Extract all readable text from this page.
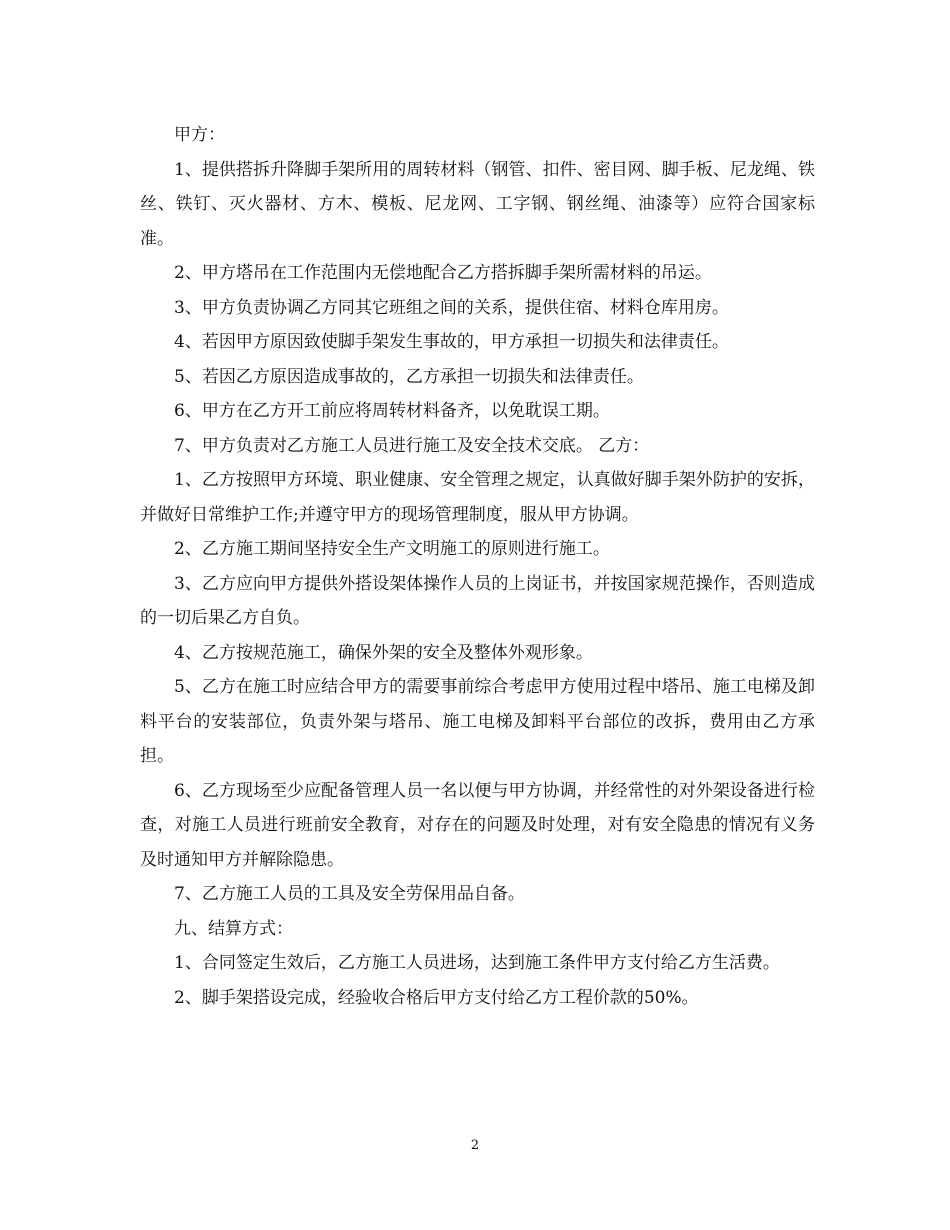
甲方：

1、提供搭拆升降脚手架所用的周转材料（钢管、扣件、密目网、脚手板、尼龙绳、铁丝、铁钉、灭火器材、方木、模板、尼龙网、工字钢、钢丝绳、油漆等）应符合国家标准。

2、甲方塔吊在工作范围内无偿地配合乙方搭拆脚手架所需材料的吊运。

3、甲方负责协调乙方同其它班组之间的关系，提供住宿、材料仓库用房。

4、若因甲方原因致使脚手架发生事故的，甲方承担一切损失和法律责任。

5、若因乙方原因造成事故的，乙方承担一切损失和法律责任。

6、甲方在乙方开工前应将周转材料备齐，以免耽误工期。

7、甲方负责对乙方施工人员进行施工及安全技术交底。 乙方：

1、乙方按照甲方环境、职业健康、安全管理之规定，认真做好脚手架外防护的安拆，并做好日常维护工作;并遵守甲方的现场管理制度，服从甲方协调。

2、乙方施工期间坚持安全生产文明施工的原则进行施工。

3、乙方应向甲方提供外搭设架体操作人员的上岗证书，并按国家规范操作，否则造成的一切后果乙方自负。

4、乙方按规范施工，确保外架的安全及整体外观形象。

5、乙方在施工时应结合甲方的需要事前综合考虑甲方使用过程中塔吊、施工电梯及卸料平台的安装部位，负责外架与塔吊、施工电梯及卸料平台部位的改拆，费用由乙方承担。

6、乙方现场至少应配备管理人员一名以便与甲方协调，并经常性的对外架设备进行检查，对施工人员进行班前安全教育，对存在的问题及时处理，对有安全隐患的情况有义务及时通知甲方并解除隐患。

7、乙方施工人员的工具及安全劳保用品自备。

九、结算方式：

1、合同签定生效后，乙方施工人员进场，达到施工条件甲方支付给乙方生活费。

2、脚手架搭设完成，经验收合格后甲方支付给乙方工程价款的50%。

2
